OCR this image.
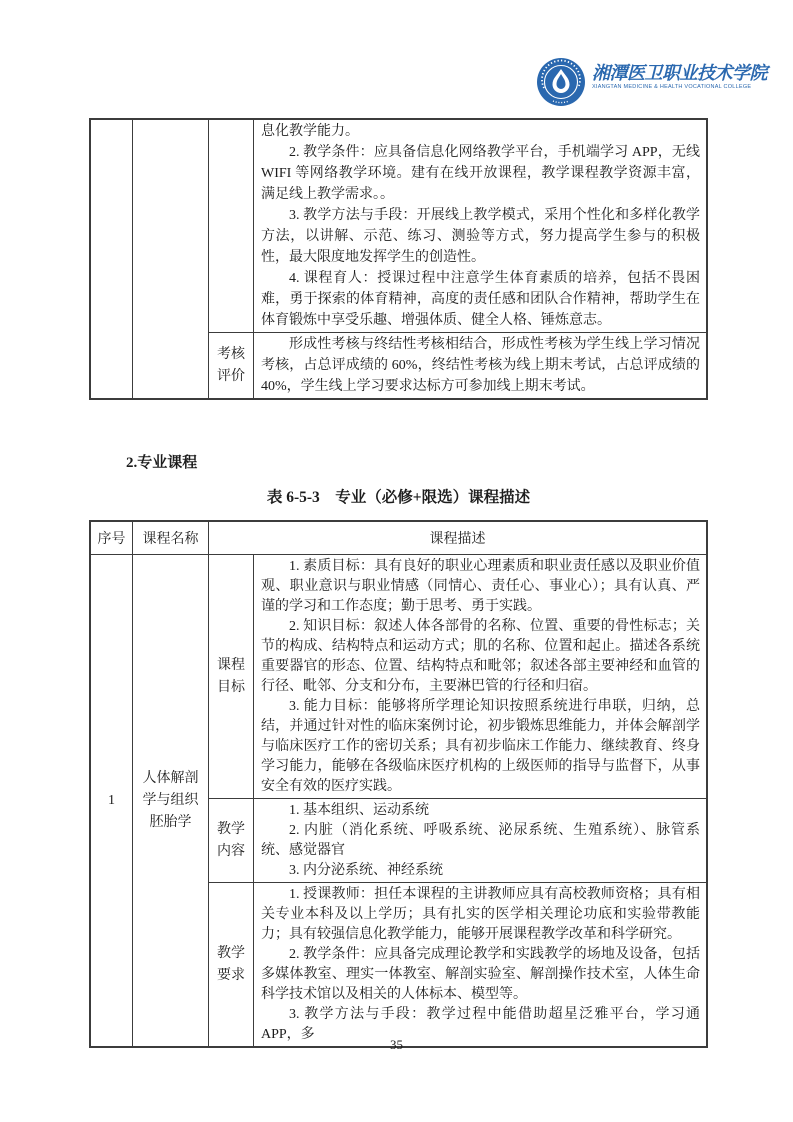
湘潭医卫职业技术学院
XIANGTAN MEDICINE & HEALTH VOCATIONAL COLLEGE

息化教学能力。

2. 教学条件：应具备信息化网络教学平台，手机端学习 APP，无线 WIFI 等网络教学环境。建有在线开放课程，教学课程教学资源丰富，满足线上教学需求。。

3. 教学方法与手段：开展线上教学模式，采用个性化和多样化教学方法，以讲解、示范、练习、测验等方式，努力提高学生参与的积极性，最大限度地发挥学生的创造性。

4. 课程育人：授课过程中注意学生体育素质的培养，包括不畏困难，勇于探索的体育精神，高度的责任感和团队合作精神，帮助学生在体育锻炼中享受乐趣、增强体质、健全人格、锤炼意志。

考核评价

形成性考核与终结性考核相结合，形成性考核为学生线上学习情况考核，占总评成绩的 60%，终结性考核为线上期末考试，占总评成绩的 40%，学生线上学习要求达标方可参加线上期末考试。

2.专业课程
表 6-5-3　专业（必修+限选）课程描述
序号	课程名称	课程描述
1
人体解剖学与组织胚胎学
课程目标

1. 素质目标：具有良好的职业心理素质和职业责任感以及职业价值观、职业意识与职业情感（同情心、责任心、事业心）；具有认真、严谨的学习和工作态度；勤于思考、勇于实践。

2. 知识目标：叙述人体各部骨的名称、位置、重要的骨性标志；关节的构成、结构特点和运动方式；肌的名称、位置和起止。描述各系统重要器官的形态、位置、结构特点和毗邻；叙述各部主要神经和血管的行径、毗邻、分支和分布，主要淋巴管的行径和归宿。

3. 能力目标：能够将所学理论知识按照系统进行串联，归纳，总结，并通过针对性的临床案例讨论，初步锻炼思维能力，并体会解剖学与临床医疗工作的密切关系；具有初步临床工作能力、继续教育、终身学习能力，能够在各级临床医疗机构的上级医师的指导与监督下，从事安全有效的医疗实践。

教学内容

1. 基本组织、运动系统

2. 内脏（消化系统、呼吸系统、泌尿系统、生殖系统）、脉管系统、感觉器官

3. 内分泌系统、神经系统

教学要求

1. 授课教师：担任本课程的主讲教师应具有高校教师资格；具有相关专业本科及以上学历；具有扎实的医学相关理论功底和实验带教能力；具有较强信息化教学能力，能够开展课程教学改革和科学研究。

2. 教学条件：应具备完成理论教学和实践教学的场地及设备，包括多媒体教室、理实一体教室、解剖实验室、解剖操作技术室，人体生命科学技术馆以及相关的人体标本、模型等。

3. 教学方法与手段：教学过程中能借助超星泛雅平台，学习通 APP，多

35
